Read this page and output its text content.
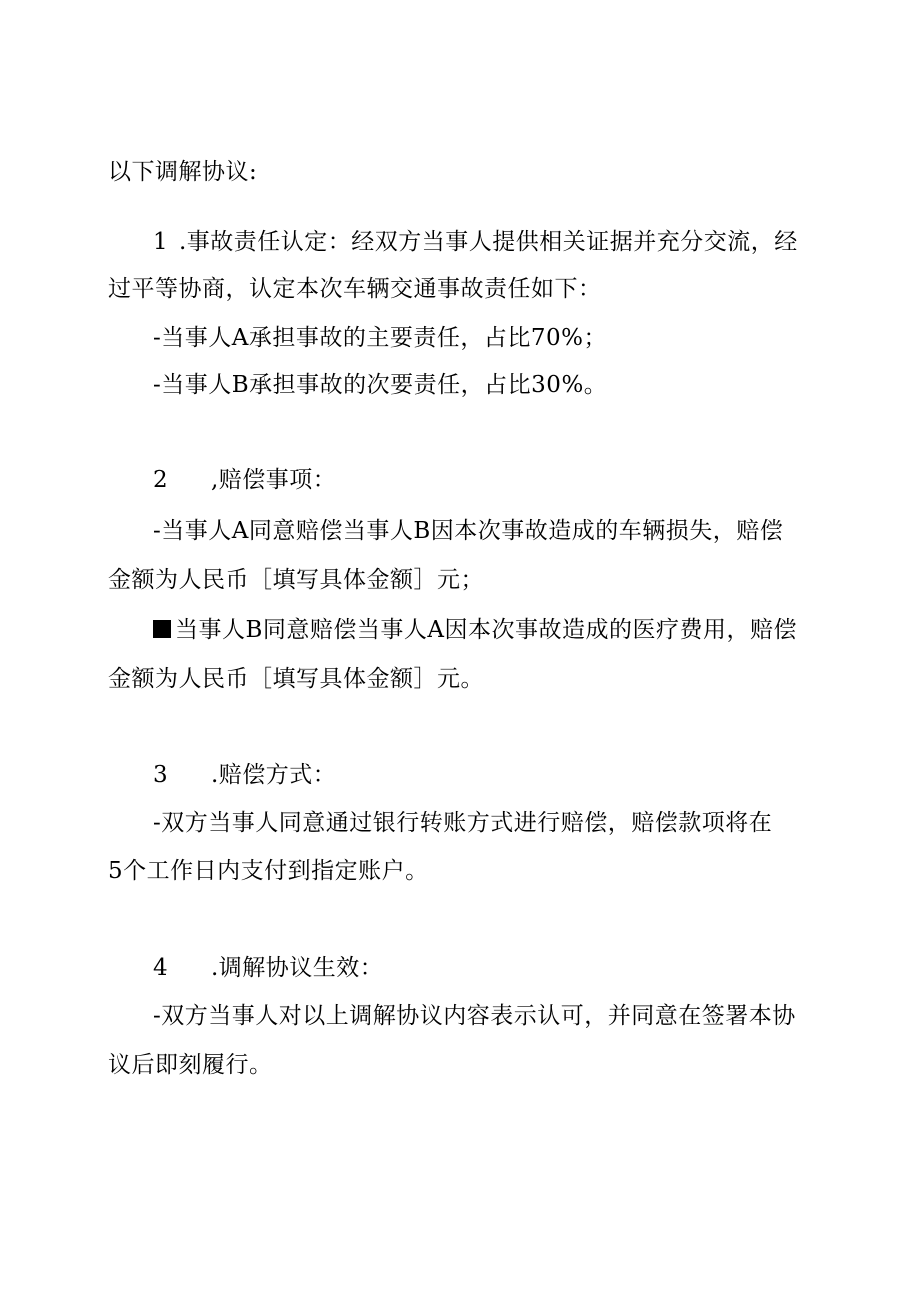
以下调解协议:
1 .事故责任认定：经双方当事人提供相关证据并充分交流，经
过平等协商，认定本次车辆交通事故责任如下：
-当事人A承担事故的主要责任，占比70%；
-当事人B承担事故的次要责任，占比30%。
2 ,赔偿事项：
-当事人A同意赔偿当事人B因本次事故造成的车辆损失，赔偿
金额为人民币［填写具体金额］元；
当事人B同意赔偿当事人A因本次事故造成的医疗费用，赔偿
金额为人民币［填写具体金额］元。
3 .赔偿方式：
-双方当事人同意通过银行转账方式进行赔偿，赔偿款项将在
5个工作日内支付到指定账户。
4 .调解协议生效：
-双方当事人对以上调解协议内容表示认可，并同意在签署本协
议后即刻履行。
